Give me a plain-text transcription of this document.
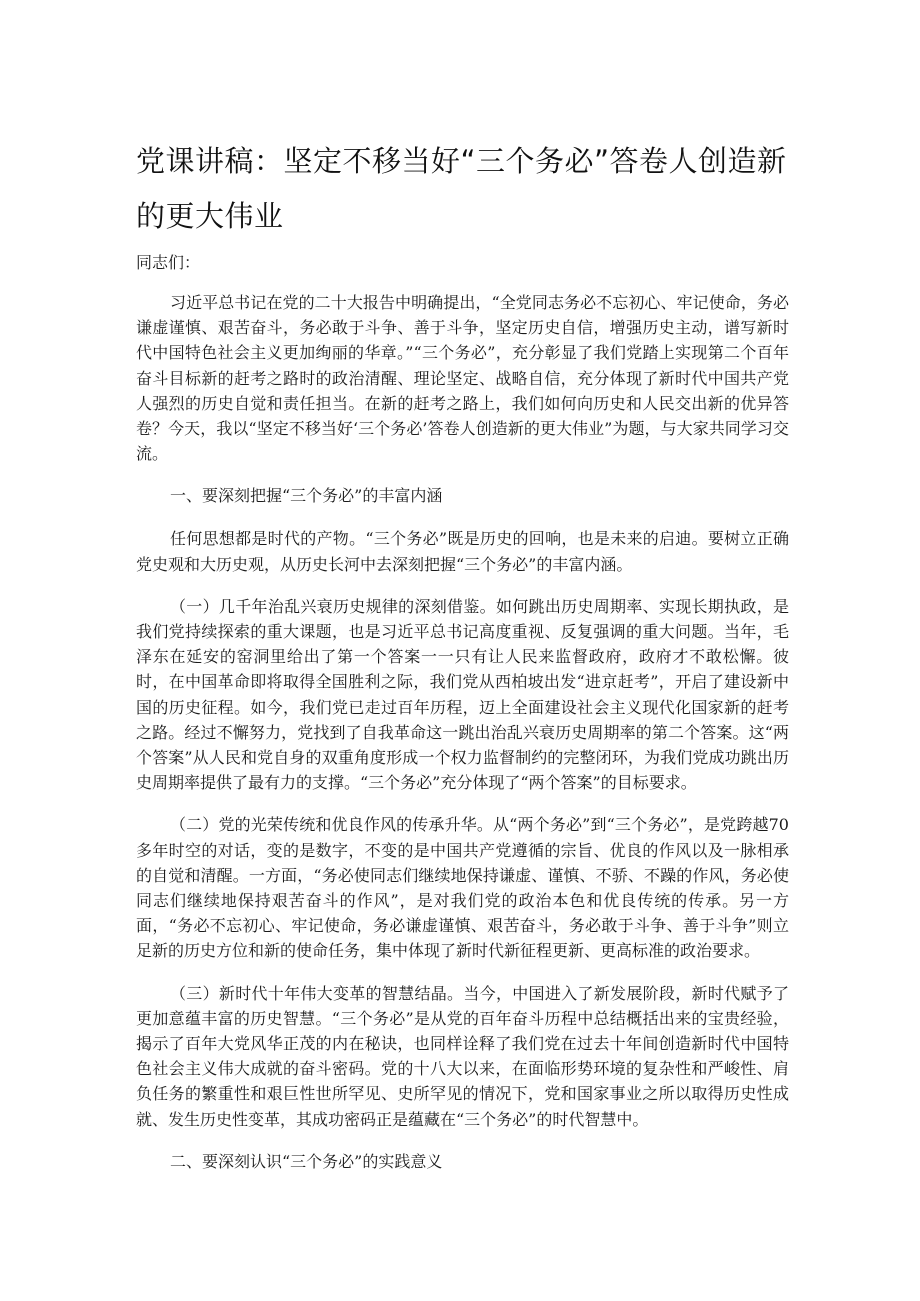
党课讲稿：坚定不移当好“三个务必”答卷人创造新的更大伟业

同志们：

习近平总书记在党的二十大报告中明确提出，“全党同志务必不忘初心、牢记使命，务必谦虚谨慎、艰苦奋斗，务必敢于斗争、善于斗争，坚定历史自信，增强历史主动，谱写新时代中国特色社会主义更加绚丽的华章。”“三个务必”，充分彰显了我们党踏上实现第二个百年奋斗目标新的赶考之路时的政治清醒、理论坚定、战略自信，充分体现了新时代中国共产党人强烈的历史自觉和责任担当。在新的赶考之路上，我们如何向历史和人民交出新的优异答卷？今天，我以“坚定不移当好‘三个务必’答卷人创造新的更大伟业”为题，与大家共同学习交流。

一、要深刻把握“三个务必”的丰富内涵

任何思想都是时代的产物。“三个务必”既是历史的回响，也是未来的启迪。要树立正确党史观和大历史观，从历史长河中去深刻把握“三个务必”的丰富内涵。

（一）几千年治乱兴衰历史规律的深刻借鉴。如何跳出历史周期率、实现长期执政，是我们党持续探索的重大课题，也是习近平总书记高度重视、反复强调的重大问题。当年，毛泽东在延安的窑洞里给出了第一个答案一一只有让人民来监督政府，政府才不敢松懈。彼时，在中国革命即将取得全国胜利之际，我们党从西柏坡出发“进京赶考”，开启了建设新中国的历史征程。如今，我们党已走过百年历程，迈上全面建设社会主义现代化国家新的赶考之路。经过不懈努力，党找到了自我革命这一跳出治乱兴衰历史周期率的第二个答案。这“两个答案”从人民和党自身的双重角度形成一个权力监督制约的完整闭环，为我们党成功跳出历史周期率提供了最有力的支撑。“三个务必”充分体现了“两个答案”的目标要求。

（二）党的光荣传统和优良作风的传承升华。从“两个务必”到“三个务必”，是党跨越70多年时空的对话，变的是数字，不变的是中国共产党遵循的宗旨、优良的作风以及一脉相承的自觉和清醒。一方面，“务必使同志们继续地保持谦虚、谨慎、不骄、不躁的作风，务必使同志们继续地保持艰苦奋斗的作风”，是对我们党的政治本色和优良传统的传承。另一方面，“务必不忘初心、牢记使命，务必谦虚谨慎、艰苦奋斗，务必敢于斗争、善于斗争”则立足新的历史方位和新的使命任务，集中体现了新时代新征程更新、更高标准的政治要求。

（三）新时代十年伟大变革的智慧结晶。当今，中国进入了新发展阶段，新时代赋予了更加意蕴丰富的历史智慧。“三个务必”是从党的百年奋斗历程中总结概括出来的宝贵经验，揭示了百年大党风华正茂的内在秘诀，也同样诠释了我们党在过去十年间创造新时代中国特色社会主义伟大成就的奋斗密码。党的十八大以来，在面临形势环境的复杂性和严峻性、肩负任务的繁重性和艰巨性世所罕见、史所罕见的情况下，党和国家事业之所以取得历史性成就、发生历史性变革，其成功密码正是蕴藏在“三个务必”的时代智慧中。

二、要深刻认识“三个务必”的实践意义
